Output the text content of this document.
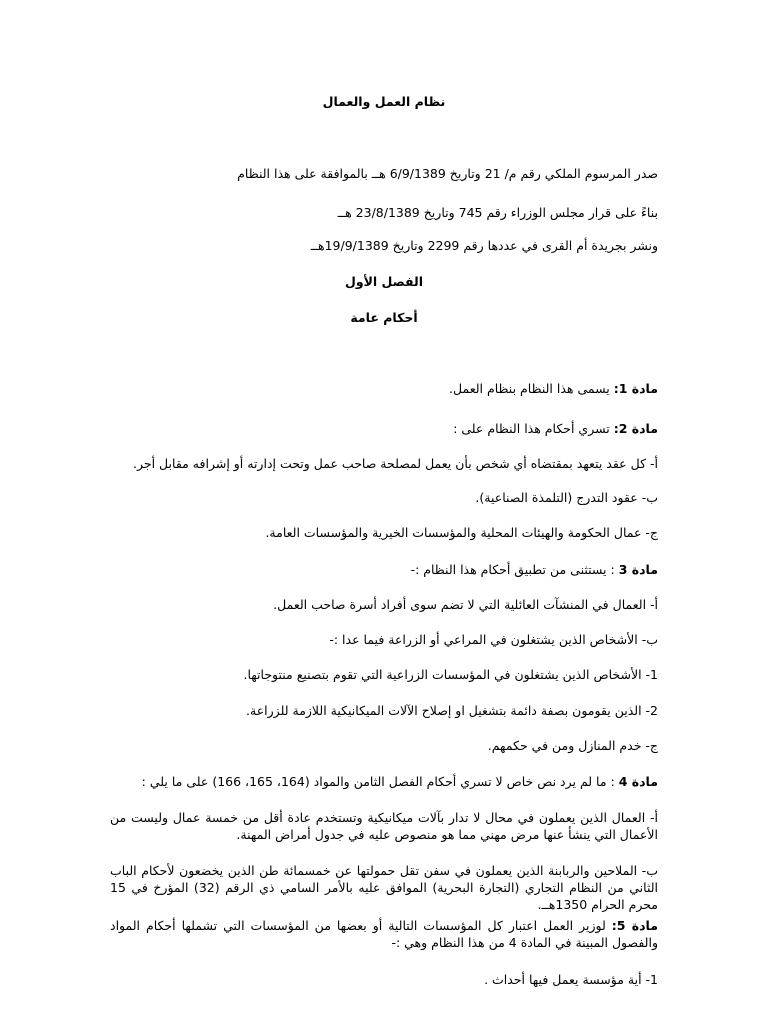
نظام العمل والعمال
صدر المرسوم الملكي رقم م/ 21 وتاريخ 6/9/1389 هــ بالموافقة على هذا النظام
بناءً على قرار مجلس الوزراء رقم 745 وتاريخ 23/8/1389 هــ
ونشر بجريدة أم القرى في عددها رقم 2299 وتاريخ 19/9/1389هــ
الفصل الأول
أحكام عامة
مادة 1: يسمى هذا النظام بنظام العمل.
مادة 2: تسري أحكام هذا النظام على :
أ- كل عقد يتعهد بمقتضاه أي شخص بأن يعمل لمصلحة صاحب عمل وتحت إدارته أو إشرافه مقابل أجر.
ب- عقود التدرج (التلمذة الصناعية).
ج- عمال الحكومة والهيئات المحلية والمؤسسات الخيرية والمؤسسات العامة.
مادة 3 : يستثنى من تطبيق أحكام هذا النظام :-
أ- العمال في المنشآت العائلية التي لا تضم سوى أفراد أسرة صاحب العمل.
ب- الأشخاص الذين يشتغلون في المراعي أو الزراعة فيما عدا :-
1- الأشخاص الذين يشتغلون في المؤسسات الزراعية التي تقوم بتصنيع منتوجاتها.
2- الذين يقومون بصفة دائمة بتشغيل او إصلاح الآلات الميكانيكية اللازمة للزراعة.
ج- خدم المنازل ومن في حكمهم.
مادة 4 : ما لم يرد نص خاص لا تسري أحكام الفصل الثامن والمواد (164، 165، 166) على ما يلي :
أ- العمال الذين يعملون في محال لا تدار بآلات ميكانيكية وتستخدم عادة أقل من خمسة عمال وليست من الأعمال التي ينشأ عنها مرض مهني مما هو منصوص عليه في جدول أمراض المهنة.
ب- الملاحين والربابنة الذين يعملون في سفن تقل حمولتها عن خمسمائة طن الذين يخضعون لأحكام الباب الثاني من النظام التجاري (التجارة البحرية) الموافق عليه بالأمر السامي ذي الرقم (32) المؤرخ في 15 محرم الحرام 1350هــ.
مادة 5: لوزير العمل اعتبار كل المؤسسات التالية أو بعضها من المؤسسات التي تشملها أحكام المواد والفصول المبينة في المادة 4 من هذا النظام وهي :-
1- أية مؤسسة يعمل فيها أحداث .
